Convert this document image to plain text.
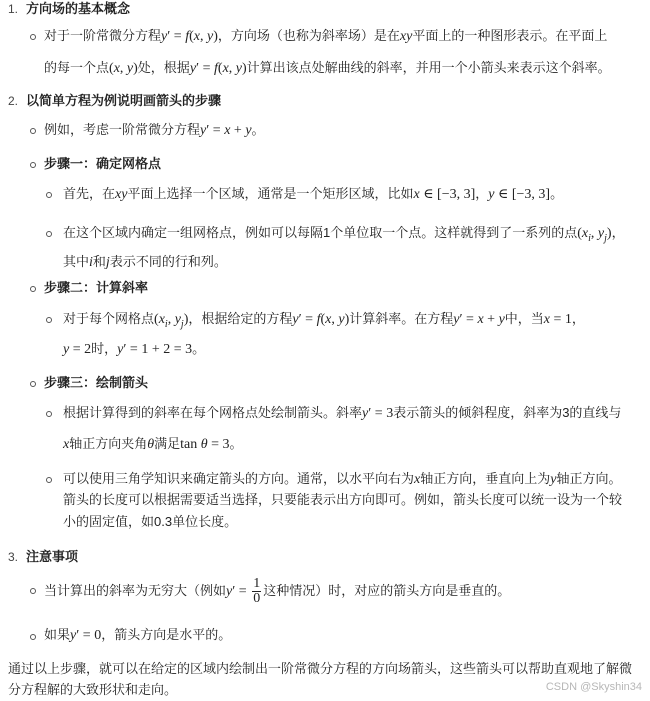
1. 方向场的基本概念
对于一阶常微分方程y′ = f(x, y)，方向场（也称为斜率场）是在xy平面上的一种图形表示。在平面上
的每一个点(x, y)处，根据y′ = f(x, y)计算出该点处解曲线的斜率，并用一个小箭头来表示这个斜率。
2. 以简单方程为例说明画箭头的步骤
例如，考虑一阶常微分方程y′ = x + y。
步骤一：确定网格点
首先，在xy平面上选择一个区域，通常是一个矩形区域，比如x ∈ [−3, 3]，y ∈ [−3, 3]。
在这个区域内确定一组网格点，例如可以每隔1个单位取一个点。这样就得到了一系列的点($x_i$, $y_j$)，
其中i和j表示不同的行和列。
步骤二：计算斜率
对于每个网格点($x_i$, $y_j$)，根据给定的方程y′ = f(x, y)计算斜率。在方程y′ = x + y中，当x = 1，
y = 2时，y′ = 1 + 2 = 3。
步骤三：绘制箭头
根据计算得到的斜率在每个网格点处绘制箭头。斜率y′ = 3表示箭头的倾斜程度，斜率为3的直线与
x轴正方向夹角θ满足tan θ = 3。
可以使用三角学知识来确定箭头的方向。通常，以水平向右为x轴正方向，垂直向上为y轴正方向。
箭头的长度可以根据需要适当选择，只要能表示出方向即可。例如，箭头长度可以统一设为一个较
小的固定值，如0.3单位长度。
3. 注意事项
当计算出的斜率为无穷大（例如$y' = \frac{1}{0}$ 这种情况）时，对应的箭头方向是垂直的。
如果y′ = 0，箭头方向是水平的。
通过以上步骤，就可以在给定的区域内绘制出一阶常微分方程的方向场箭头，这些箭头可以帮助直观地了解微
分方程解的大致形状和走向。	CSDN @Skyshin34
